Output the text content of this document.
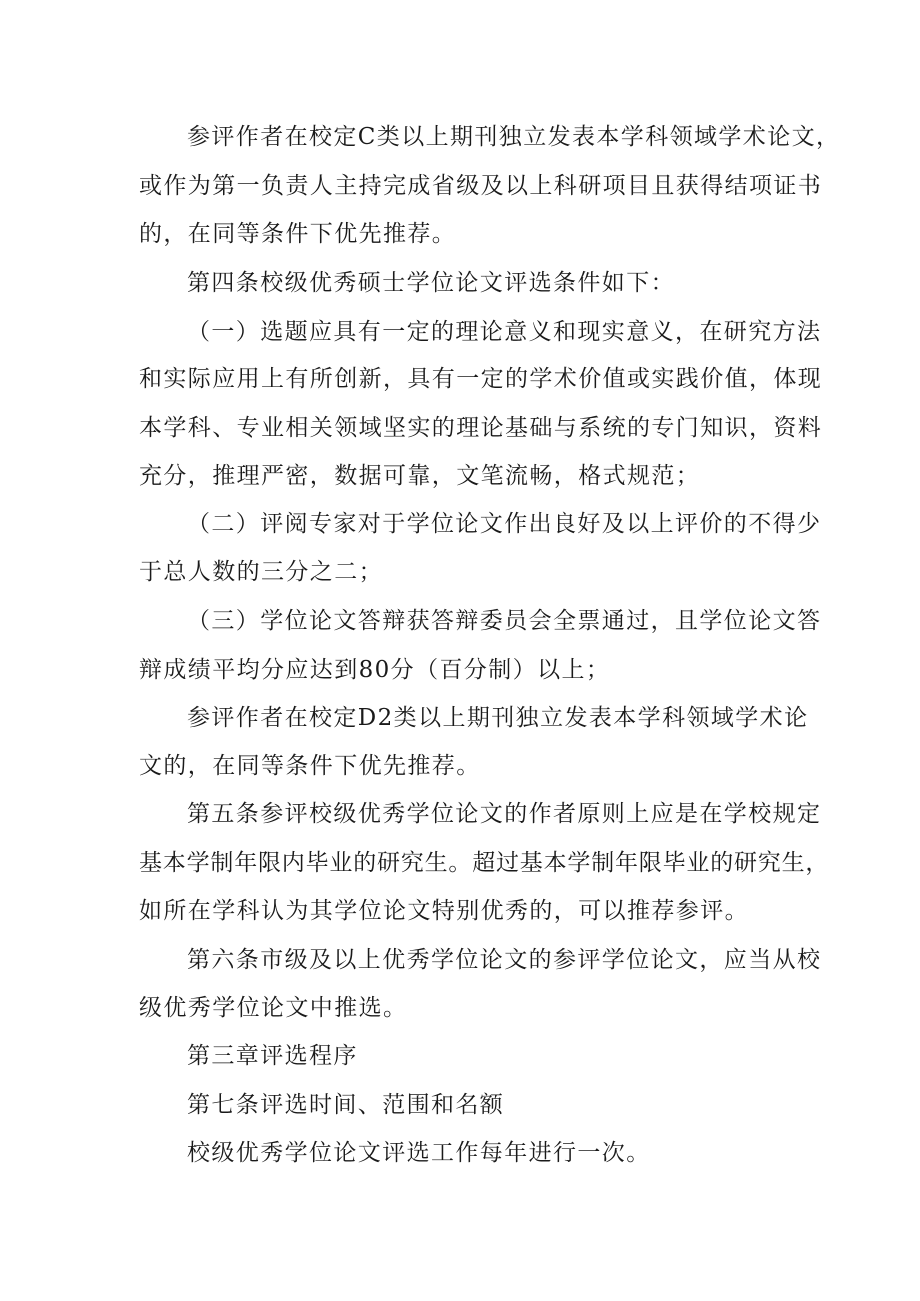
参评作者在校定C类以上期刊独立发表本学科领域学术论文，
或作为第一负责人主持完成省级及以上科研项目且获得结项证书
的，在同等条件下优先推荐。
第四条校级优秀硕士学位论文评选条件如下：
（一）选题应具有一定的理论意义和现实意义，在研究方法
和实际应用上有所创新，具有一定的学术价值或实践价值，体现
本学科、专业相关领域坚实的理论基础与系统的专门知识，资料
充分，推理严密，数据可靠，文笔流畅，格式规范；
（二）评阅专家对于学位论文作出良好及以上评价的不得少
于总人数的三分之二；
（三）学位论文答辩获答辩委员会全票通过，且学位论文答
辩成绩平均分应达到80分（百分制）以上；
参评作者在校定D2类以上期刊独立发表本学科领域学术论
文的，在同等条件下优先推荐。
第五条参评校级优秀学位论文的作者原则上应是在学校规定
基本学制年限内毕业的研究生。超过基本学制年限毕业的研究生，
如所在学科认为其学位论文特别优秀的，可以推荐参评。
第六条市级及以上优秀学位论文的参评学位论文，应当从校
级优秀学位论文中推选。
第三章评选程序
第七条评选时间、范围和名额
校级优秀学位论文评选工作每年进行一次。
